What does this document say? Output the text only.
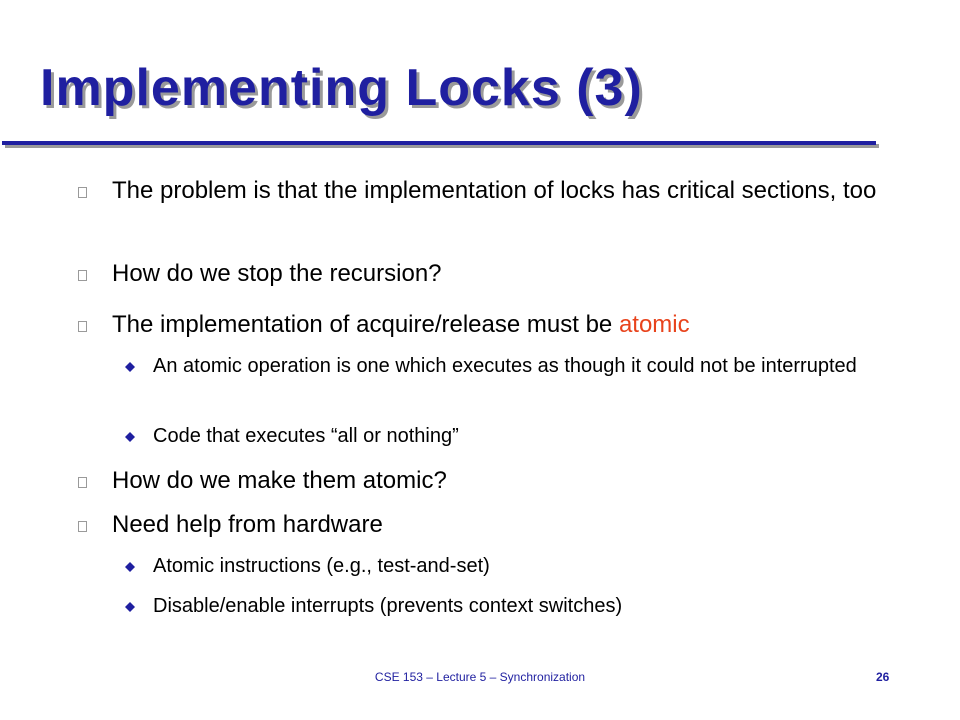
Implementing Locks (3)
The problem is that the implementation of locks has critical sections, too
How do we stop the recursion?
The implementation of acquire/release must be atomic
An atomic operation is one which executes as though it could not be interrupted
Code that executes “all or nothing”
How do we make them atomic?
Need help from hardware
Atomic instructions (e.g., test-and-set)
Disable/enable interrupts (prevents context switches)
CSE 153 – Lecture 5 – Synchronization	26
